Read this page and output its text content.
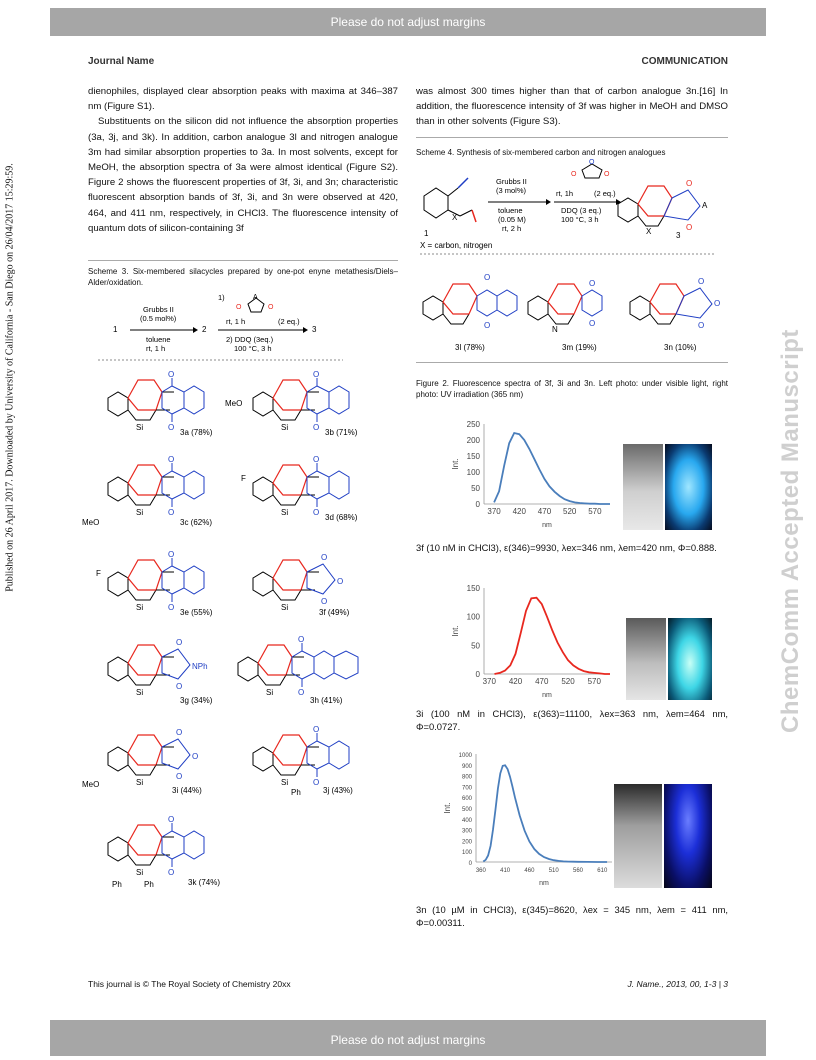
Please do not adjust margins
Please do not adjust margins
Published on 26 April 2017. Downloaded by University of California - San Diego on 26/04/2017 15:29:59.	ChemComm Accepted Manuscript
Journal Name	COMMUNICATION
dienophiles, displayed clear absorption peaks with maxima at 346–387 nm (Figure S1).
Substituents on the silicon did not influence the absorption properties (3a, 3j, and 3k). In addition, carbon analogue 3l and nitrogen analogue 3m had similar absorption properties to 3a. In most solvents, except for MeOH, the absorption spectra of 3a were almost identical (Figure S2). Figure 2 shows the fluorescent properties of 3f, 3i, and 3n; characteristic fluorescent absorption bands of 3f, 3i, and 3n were observed at 420, 464, and 411 nm, respectively, in CHCl3. The fluorescence intensity of quantum dots of silicon-containing 3f
was almost 300 times higher than that of carbon analogue 3n.[16] In addition, the fluorescence intensity of 3f was higher in MeOH and DMSO than in other solvents (Figure S3).
Scheme 3. Six-membered silacycles prepared by one-pot enyne metathesis/Diels–Alder/oxidation.
O
O
1
Grubbs II
(0.5 mol%)
toluene
rt, 1 h
2
1)	A
O	O
rt, 1 h	(2 eq.)
2) DDQ (3eq.)
100 °C, 3 h
3
Si
3a (78%)
Si
MeO
3b (71%)
Si
MeO	3c (62%)
Si
F
3d (68%)
Si
F
3e (55%)
O
O
O
Si
3f (49%)
O
O
NPh
Si
3g (34%)
Si
3h (41%)
O
O
O
Si
MeO
3i (44%)
Si
Ph	3j (43%)
Si
Ph	Ph	3k (74%)
Scheme 4. Synthesis of six-membered carbon and nitrogen analogues
X
1
X = carbon, nitrogen
Grubbs II
(3 mol%)
toluene
(0.05 M)
rt, 2 h
O
O	O
rt, 1h	(2 eq.)
DDQ (3 eq.)
100 °C, 3 h
O
O
A
X	3
O
O
3l (78%)
O
O
N
3m (19%)
O
O
O
3n (10%)
Figure 2. Fluorescence spectra of 3f, 3i and 3n. Left photo: under visible light, right photo: UV irradiation (365 nm)
0
50
100
150
200
250
370 420 470 520 570
Int.
nm
3f (10 nM in CHCl3), ε(346)=9930, λex=346 nm, λem=420 nm, Φ=0.888.
0
50
100
150
370 420 470 520 570
Int.
nm
3i (100 nM in CHCl3), ε(363)=11100, λex=363 nm, λem=464 nm, Φ=0.0727.
0
100
200
300
400
500
600
700
800
900
1000
360 410 460 510 560 610
Int.
nm
3n (10 µM in CHCl3), ε(345)=8620, λex = 345 nm, λem = 411 nm, Φ=0.00311.
This journal is © The Royal Society of Chemistry 20xx	J. Name., 2013, 00, 1-3 | 3
